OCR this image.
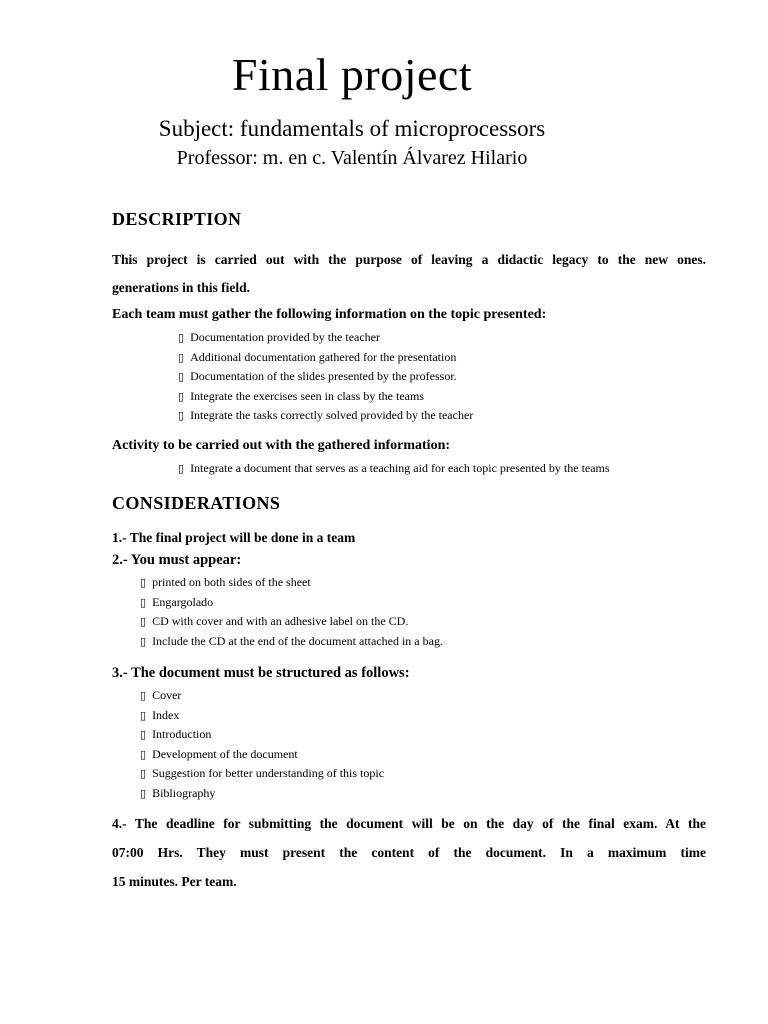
Final project
Subject: fundamentals of microprocessors
Professor: m. en c. Valentín Álvarez Hilario
DESCRIPTION
This project is carried out with the purpose of leaving a didactic legacy to the new ones.
generations in this field.
Each team must gather the following information on the topic presented:
▯ Documentation provided by the teacher
▯ Additional documentation gathered for the presentation
▯ Documentation of the slides presented by the professor.
▯ Integrate the exercises seen in class by the teams
▯ Integrate the tasks correctly solved provided by the teacher
Activity to be carried out with the gathered information:
▯ Integrate a document that serves as a teaching aid for each topic presented by the teams
CONSIDERATIONS
1.- The final project will be done in a team
2.- You must appear:
▯ printed on both sides of the sheet
▯ Engargolado
▯ CD with cover and with an adhesive label on the CD.
▯ Include the CD at the end of the document attached in a bag.
3.- The document must be structured as follows:
▯ Cover
▯ Index
▯ Introduction
▯ Development of the document
▯ Suggestion for better understanding of this topic
▯ Bibliography
4.- The deadline for submitting the document will be on the day of the final exam. At the
07:00 Hrs. They must present the content of the document. In a maximum time
15 minutes. Per team.
